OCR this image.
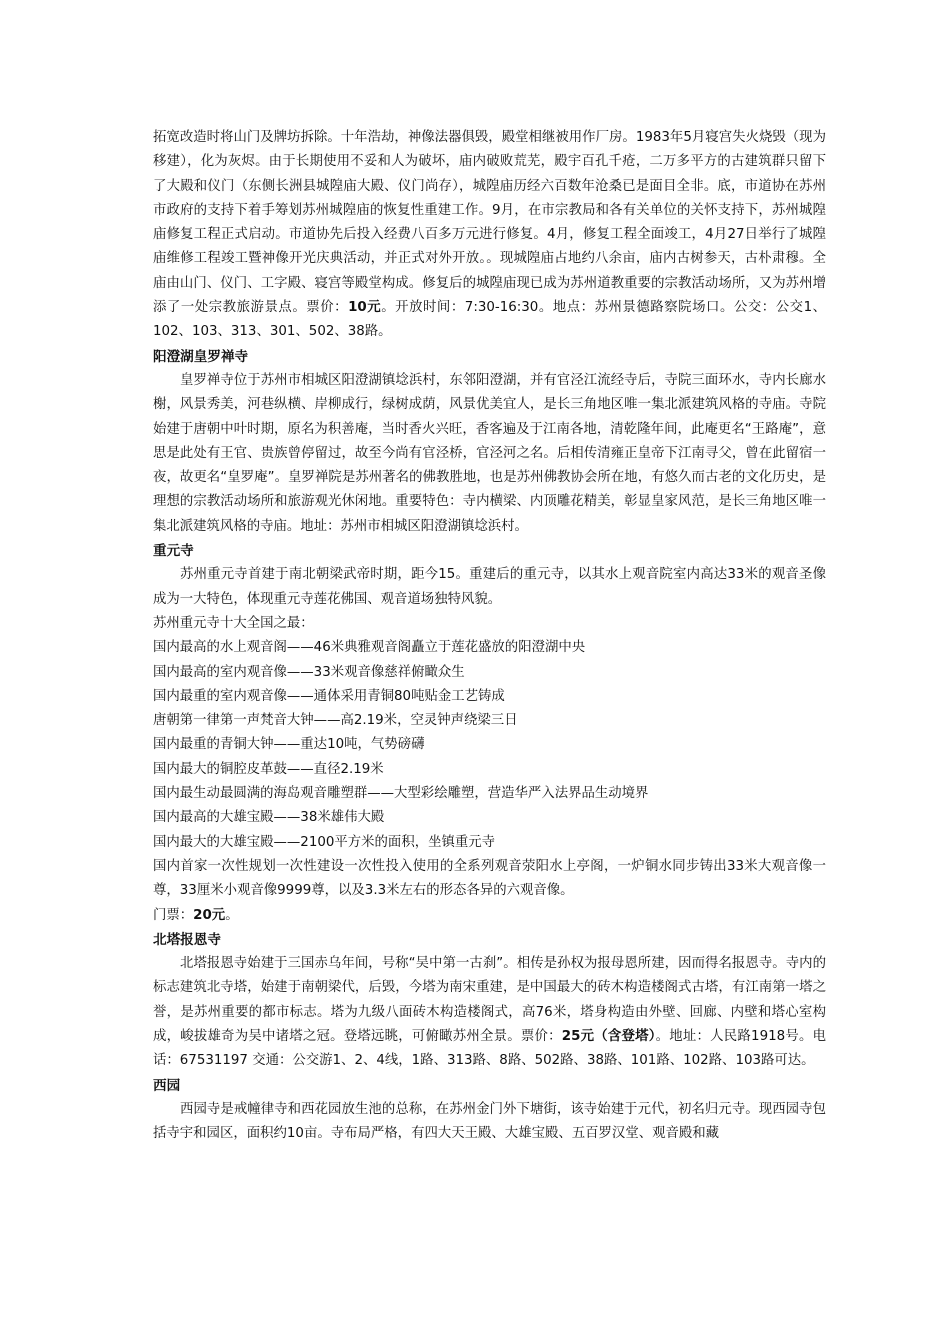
拓宽改造时将山门及牌坊拆除。十年浩劫，神像法器俱毁，殿堂相继被用作厂房。1983年5月寝宫失火烧毁（现为移建），化为灰烬。由于长期使用不妥和人为破坏，庙内破败荒芜，殿宇百孔千疮，二万多平方的古建筑群只留下了大殿和仪门（东侧长洲县城隍庙大殿、仪门尚存），城隍庙历经六百数年沧桑已是面目全非。底，市道协在苏州市政府的支持下着手筹划苏州城隍庙的恢复性重建工作。9月，在市宗教局和各有关单位的关怀支持下，苏州城隍庙修复工程正式启动。市道协先后投入经费八百多万元进行修复。4月，修复工程全面竣工，4月27日举行了城隍庙维修工程竣工暨神像开光庆典活动，并正式对外开放。。现城隍庙占地约八余亩，庙内古树参天，古朴肃穆。全庙由山门、仪门、工字殿、寝宫等殿堂构成。修复后的城隍庙现已成为苏州道教重要的宗教活动场所，又为苏州增添了一处宗教旅游景点。票价：10元。开放时间：7:30-16:30。地点：苏州景德路察院场口。公交：公交1、102、103、313、301、502、38路。

阳澄湖皇罗禅寺

皇罗禅寺位于苏州市相城区阳澄湖镇埝浜村，东邻阳澄湖，并有官泾江流经寺后，寺院三面环水，寺内长廊水榭，风景秀美，河巷纵横、岸柳成行，绿树成荫，风景优美宜人，是长三角地区唯一集北派建筑风格的寺庙。寺院始建于唐朝中叶时期，原名为积善庵，当时香火兴旺，香客遍及于江南各地，清乾隆年间，此庵更名“王路庵”，意思是此处有王官、贵族曾停留过，故至今尚有官泾桥，官泾河之名。后相传清雍正皇帝下江南寻父，曾在此留宿一夜，故更名“皇罗庵”。皇罗禅院是苏州著名的佛教胜地，也是苏州佛教协会所在地，有悠久而古老的文化历史，是理想的宗教活动场所和旅游观光休闲地。重要特色：寺内横梁、内顶雕花精美，彰显皇家风范，是长三角地区唯一集北派建筑风格的寺庙。地址：苏州市相城区阳澄湖镇埝浜村。

重元寺

苏州重元寺首建于南北朝梁武帝时期，距今15。重建后的重元寺，以其水上观音院室内高达33米的观音圣像成为一大特色，体现重元寺莲花佛国、观音道场独特风貌。

苏州重元寺十大全国之最：

国内最高的水上观音阁——46米典雅观音阁矗立于莲花盛放的阳澄湖中央

国内最高的室内观音像——33米观音像慈祥俯瞰众生

国内最重的室内观音像——通体采用青铜80吨贴金工艺铸成

唐朝第一律第一声梵音大钟——高2.19米，空灵钟声绕梁三日

国内最重的青铜大钟——重达10吨，气势磅礴

国内最大的铜腔皮革鼓——直径2.19米

国内最生动最圆满的海岛观音雕塑群——大型彩绘雕塑，营造华严入法界品生动境界

国内最高的大雄宝殿——38米雄伟大殿

国内最大的大雄宝殿——2100平方米的面积，坐镇重元寺

国内首家一次性规划一次性建设一次性投入使用的全系列观音荥阳水上亭阁，一炉铜水同步铸出33米大观音像一尊，33厘米小观音像9999尊，以及3.3米左右的形态各异的六观音像。

门票：20元。

北塔报恩寺

北塔报恩寺始建于三国赤乌年间，号称“吴中第一古刹”。相传是孙权为报母恩所建，因而得名报恩寺。寺内的标志建筑北寺塔，始建于南朝梁代，后毁，今塔为南宋重建，是中国最大的砖木构造楼阁式古塔，有江南第一塔之誉，是苏州重要的都市标志。塔为九级八面砖木构造楼阁式，高76米，塔身构造由外壁、回廊、内壁和塔心室构成，峻拔雄奇为吴中诸塔之冠。登塔远眺，可俯瞰苏州全景。票价：25元（含登塔）。地址：人民路1918号。电话：67531197 交通：公交游1、2、4线，1路、313路、8路、502路、38路、101路、102路、103路可达。

西园

西园寺是戒幢律寺和西花园放生池的总称，在苏州金门外下塘街，该寺始建于元代，初名归元寺。现西园寺包括寺宇和园区，面积约10亩。寺布局严格，有四大天王殿、大雄宝殿、五百罗汉堂、观音殿和藏
